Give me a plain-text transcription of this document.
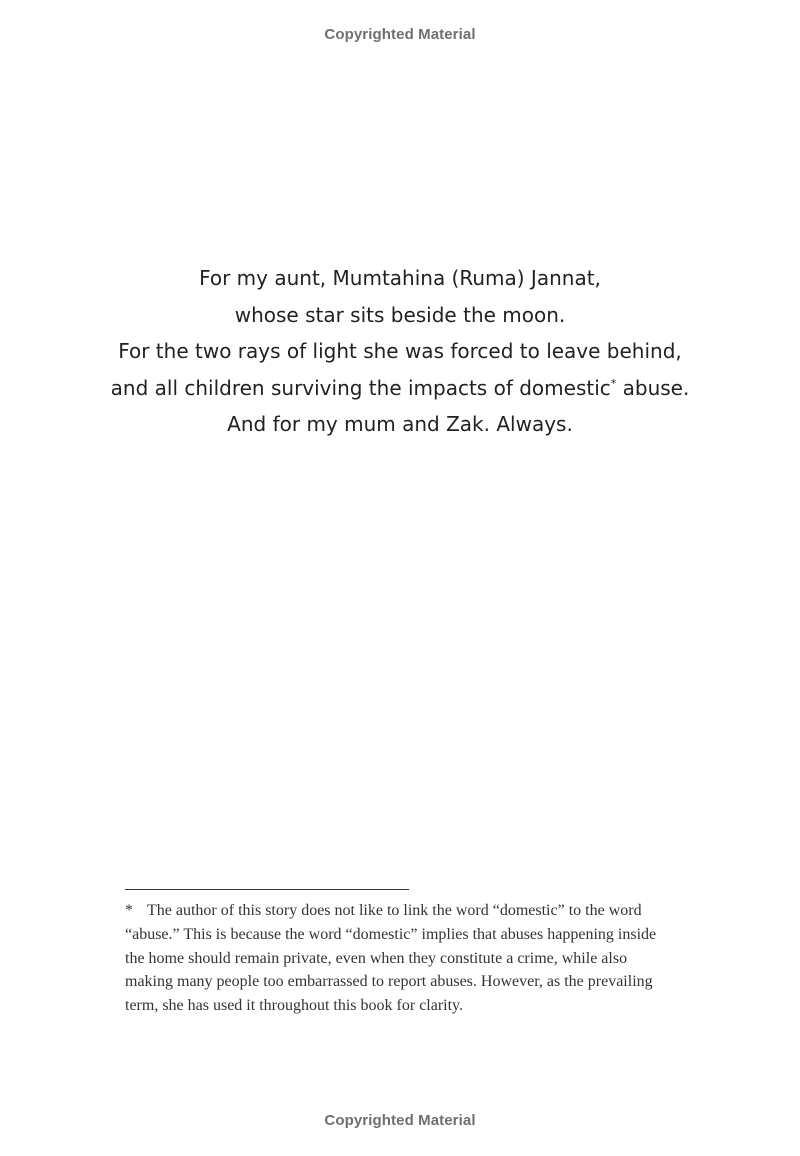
Copyrighted Material
For my aunt, Mumtahina (Ruma) Jannat,
whose star sits beside the moon.
For the two rays of light she was forced to leave behind,
and all children surviving the impacts of domestic* abuse.
And for my mum and Zak. Always.
* The author of this story does not like to link the word “domestic” to the word
“abuse.” This is because the word “domestic” implies that abuses happening inside
the home should remain private, even when they constitute a crime, while also
making many people too embarrassed to report abuses. However, as the prevailing
term, she has used it throughout this book for clarity.
Copyrighted Material
